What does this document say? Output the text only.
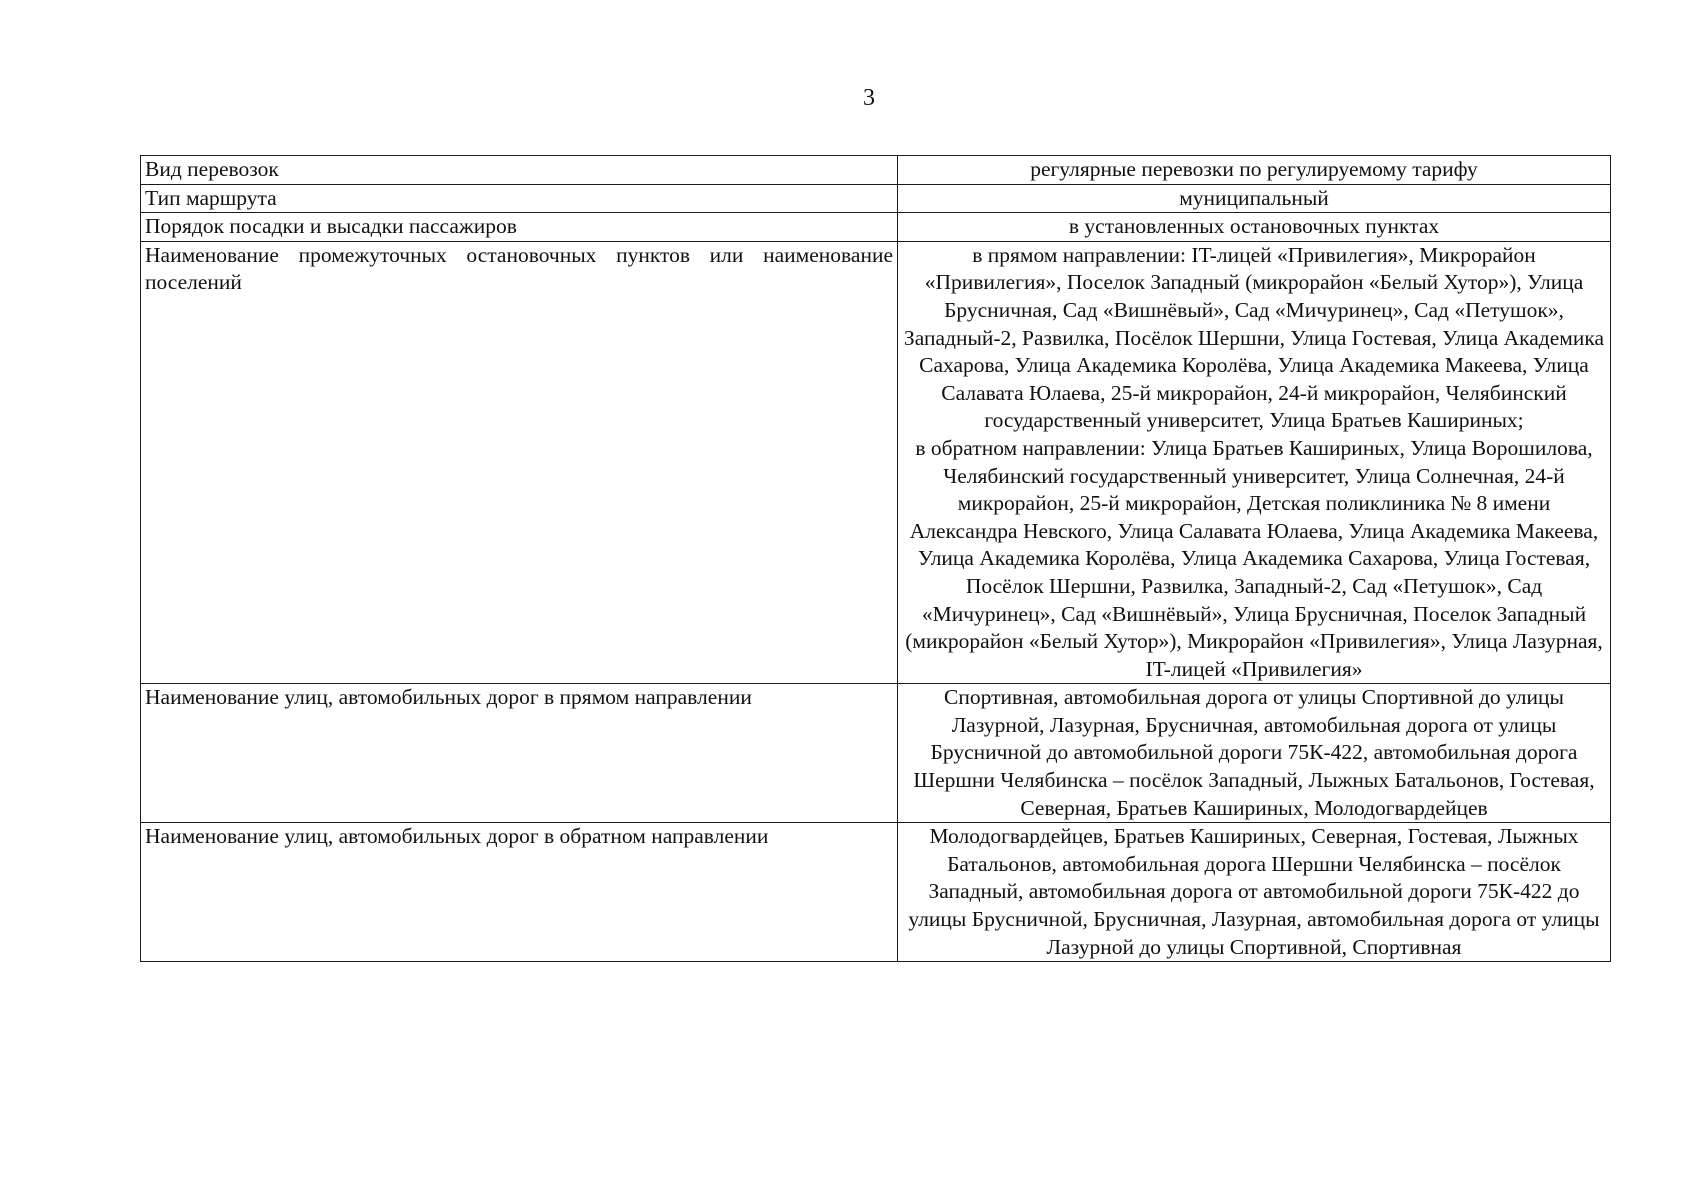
3
Вид перевозок	регулярные перевозки по регулируемому тарифу
Тип маршрута	муниципальный
Порядок посадки и высадки пассажиров	в установленных остановочных пунктах
Наименование промежуточных остановочных пунктов или наименование поселений	в прямом направлении: IT-лицей «Привилегия», Микрорайон «Привилегия», Поселок Западный (микрорайон «Белый Хутор»), Улица Брусничная, Сад «Вишнёвый», Сад «Мичуринец», Сад «Петушок», Западный-2, Развилка, Посёлок Шершни, Улица Гостевая, Улица Академика Сахарова, Улица Академика Королёва, Улица Академика Макеева, Улица Салавата Юлаева, 25-й микрорайон, 24-й микрорайон, Челябинский государственный университет, Улица Братьев Кашириных;
в обратном направлении: Улица Братьев Кашириных, Улица Ворошилова, Челябинский государственный университет, Улица Солнечная, 24-й микрорайон, 25-й микрорайон, Детская поликлиника № 8 имени Александра Невского, Улица Салавата Юлаева, Улица Академика Макеева, Улица Академика Королёва, Улица Академика Сахарова, Улица Гостевая, Посёлок Шершни, Развилка, Западный-2, Сад «Петушок», Сад «Мичуринец», Сад «Вишнёвый», Улица Брусничная, Поселок Западный (микрорайон «Белый Хутор»), Микрорайон «Привилегия», Улица Лазурная, IT-лицей «Привилегия»

Наименование улиц, автомобильных дорог в прямом направлении	Спортивная, автомобильная дорога от улицы Спортивной до улицы Лазурной, Лазурная, Брусничная, автомобильная дорога от улицы Брусничной до автомобильной дороги 75К-422, автомобильная дорога Шершни Челябинска – посёлок Западный, Лыжных Батальонов, Гостевая, Северная, Братьев Кашириных, Молодогвардейцев
Наименование улиц, автомобильных дорог в обратном направлении	Молодогвардейцев, Братьев Кашириных, Северная, Гостевая, Лыжных Батальонов, автомобильная дорога Шершни Челябинска – посёлок Западный, автомобильная дорога от автомобильной дороги 75К-422 до улицы Брусничной, Брусничная, Лазурная, автомобильная дорога от улицы Лазурной до улицы Спортивной, Спортивная
